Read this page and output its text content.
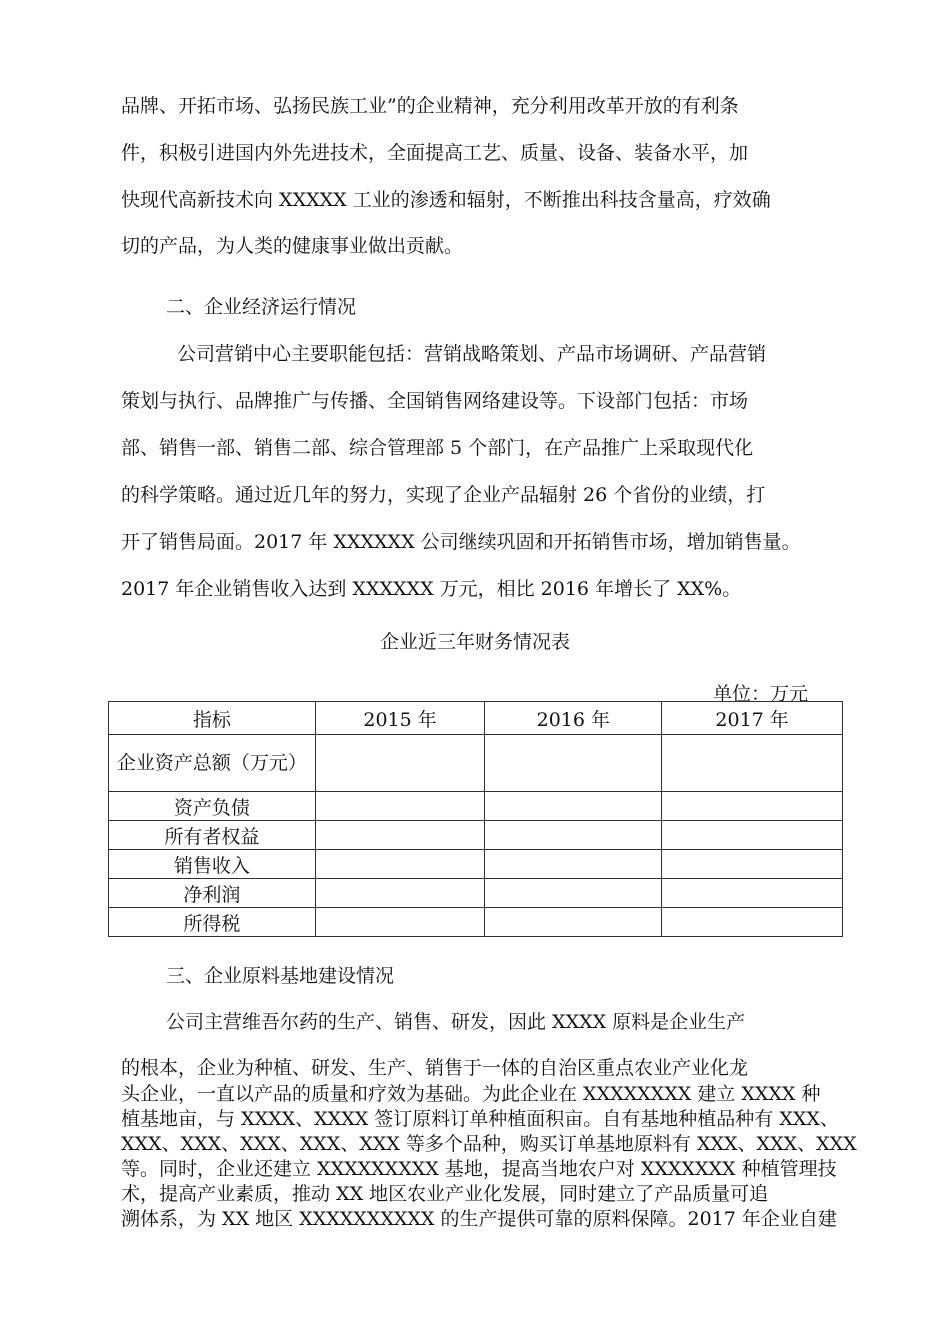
品牌、开拓市场、弘扬民族工业”的企业精神，充分利用改革开放的有利条
件，积极引进国内外先进技术，全面提高工艺、质量、设备、装备水平，加
快现代高新技术向 XXXXX 工业的渗透和辐射，不断推出科技含量高，疗效确
切的产品，为人类的健康事业做出贡献。
二、企业经济运行情况
公司营销中心主要职能包括：营销战略策划、产品市场调研、产品营销
策划与执行、品牌推广与传播、全国销售网络建设等。下设部门包括：市场
部、销售一部、销售二部、综合管理部 5 个部门，在产品推广上采取现代化
的科学策略。通过近几年的努力，实现了企业产品辐射 26 个省份的业绩，打
开了销售局面。2017 年 XXXXXX 公司继续巩固和开拓销售市场，增加销售量。
2017 年企业销售收入达到 XXXXXX 万元，相比 2016 年增长了 XX%。
企业近三年财务情况表
单位：万元
指标	2015 年	2016 年	2017 年
企业资产总额（万元）			
资产负债			
所有者权益			
销售收入			
净利润			
所得税			
三、企业原料基地建设情况
公司主营维吾尔药的生产、销售、研发，因此 XXXX 原料是企业生产
的根本，企业为种植、研发、生产、销售于一体的自治区重点农业产业化龙
头企业，一直以产品的质量和疗效为基础。为此企业在 XXXXXXXX 建立 XXXX 种
植基地亩，与 XXXX、XXXX 签订原料订单种植面积亩。自有基地种植品种有 XXX、
XXX、XXX、XXX、XXX、XXX 等多个品种，购买订单基地原料有 XXX、XXX、XXX
等。同时，企业还建立 XXXXXXXXX 基地，提高当地农户对 XXXXXXX 种植管理技
术，提高产业素质，推动 XX 地区农业产业化发展，同时建立了产品质量可追
溯体系，为 XX 地区 XXXXXXXXXX 的生产提供可靠的原料保障。2017 年企业自建
